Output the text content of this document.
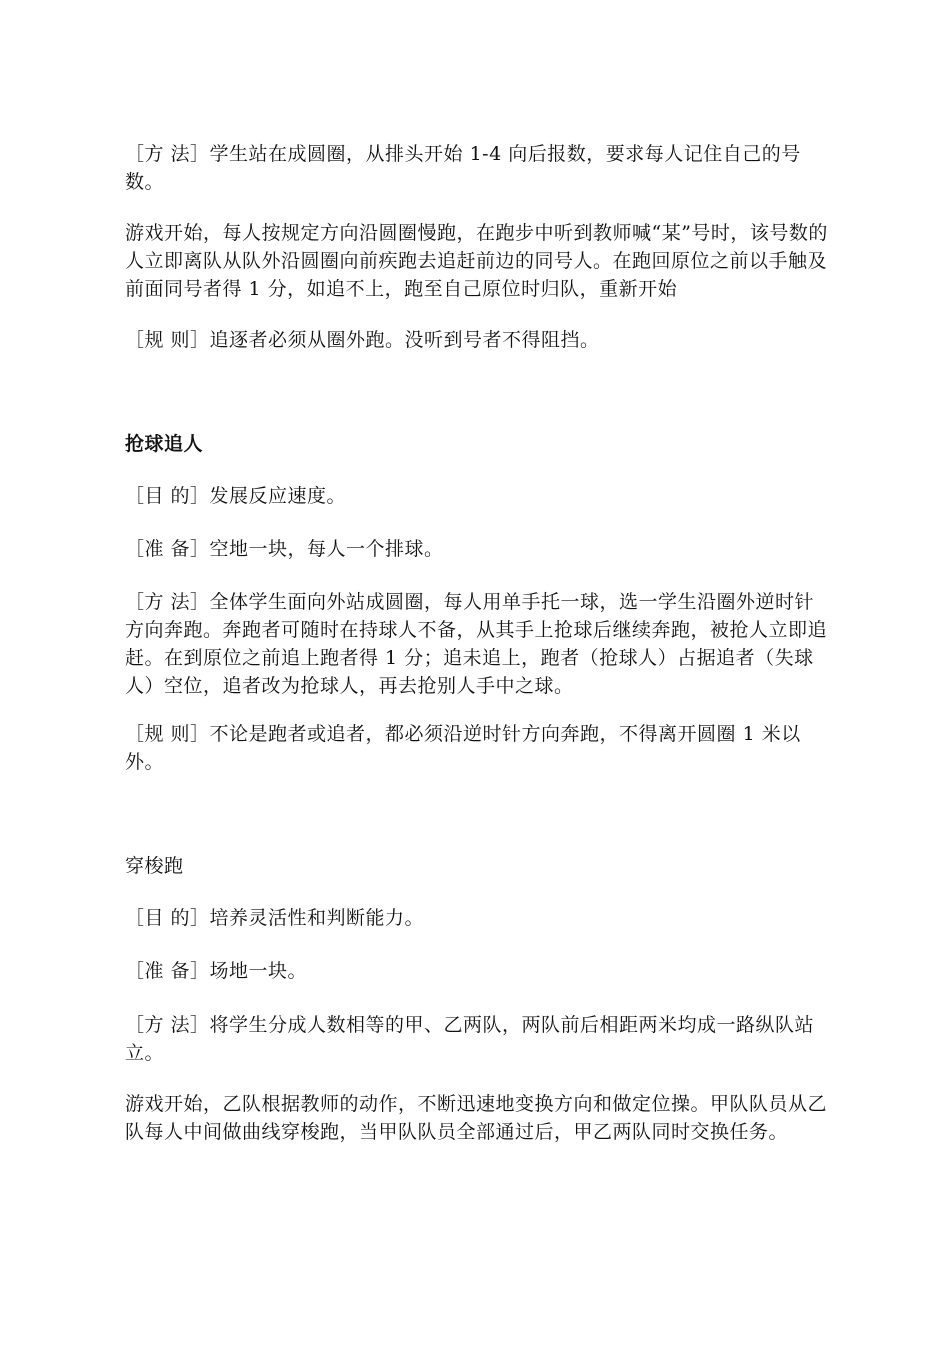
［方 法］学生站在成圆圈，从排头开始 1-4 向后报数，要求每人记住自己的号数。

游戏开始，每人按规定方向沿圆圈慢跑，在跑步中听到教师喊“某”号时，该号数的人立即离队从队外沿圆圈向前疾跑去追赶前边的同号人。在跑回原位之前以手触及前面同号者得 1 分，如追不上，跑至自己原位时归队，重新开始

［规 则］追逐者必须从圈外跑。没听到号者不得阻挡。

抢球追人

［目 的］发展反应速度。

［准 备］空地一块，每人一个排球。

［方 法］全体学生面向外站成圆圈，每人用单手托一球，选一学生沿圈外逆时针方向奔跑。奔跑者可随时在持球人不备，从其手上抢球后继续奔跑，被抢人立即追赶。在到原位之前追上跑者得 1 分；追未追上，跑者（抢球人）占据追者（失球人）空位，追者改为抢球人，再去抢别人手中之球。

［规 则］不论是跑者或追者，都必须沿逆时针方向奔跑，不得离开圆圈 1 米以外。

穿梭跑

［目 的］培养灵活性和判断能力。

［准 备］场地一块。

［方 法］将学生分成人数相等的甲、乙两队，两队前后相距两米均成一路纵队站立。

游戏开始，乙队根据教师的动作，不断迅速地变换方向和做定位操。甲队队员从乙队每人中间做曲线穿梭跑，当甲队队员全部通过后，甲乙两队同时交换任务。
